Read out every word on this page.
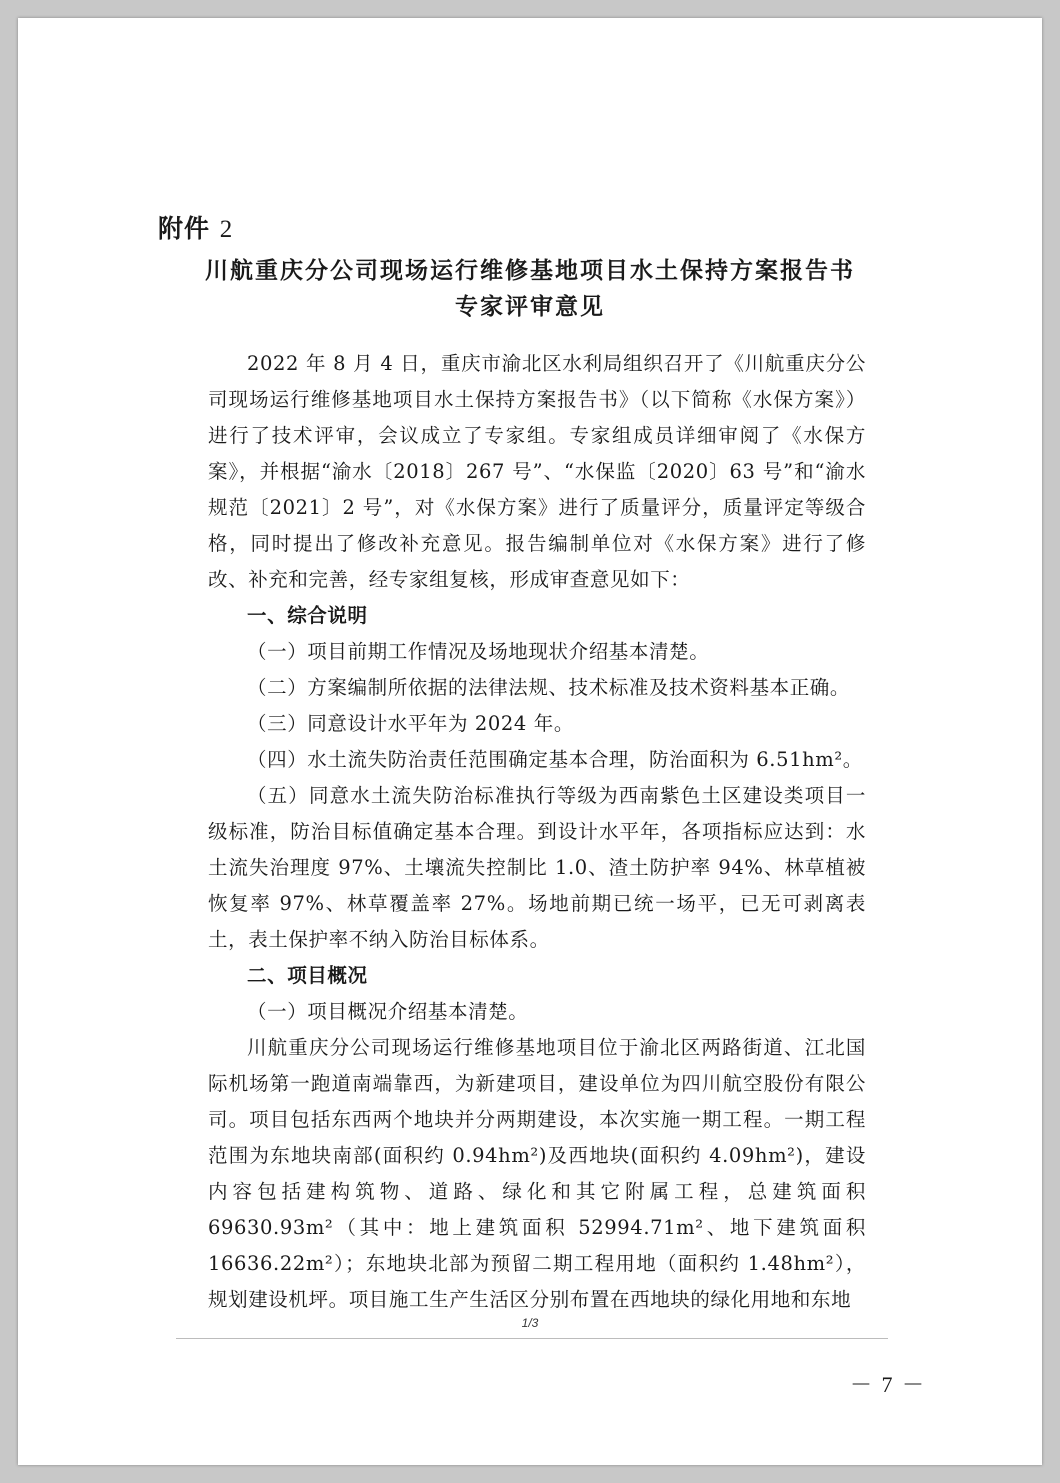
附件 2
川航重庆分公司现场运行维修基地项目水土保持方案报告书
专家评审意见

2022 年 8 月 4 日，重庆市渝北区水利局组织召开了《川航重庆分公司现场运行维修基地项目水土保持方案报告书》（以下简称《水保方案》）进行了技术评审，会议成立了专家组。专家组成员详细审阅了《水保方案》，并根据“渝水〔2018〕267 号”、“水保监〔2020〕63 号”和“渝水规范〔2021〕2 号”，对《水保方案》进行了质量评分，质量评定等级合格，同时提出了修改补充意见。报告编制单位对《水保方案》进行了修改、补充和完善，经专家组复核，形成审查意见如下：

一、综合说明

（一）项目前期工作情况及场地现状介绍基本清楚。

（二）方案编制所依据的法律法规、技术标准及技术资料基本正确。

（三）同意设计水平年为 2024 年。

（四）水土流失防治责任范围确定基本合理，防治面积为 6.51hm²。

（五）同意水土流失防治标准执行等级为西南紫色土区建设类项目一级标准，防治目标值确定基本合理。到设计水平年，各项指标应达到：水土流失治理度 97%、土壤流失控制比 1.0、渣土防护率 94%、林草植被恢复率 97%、林草覆盖率 27%。场地前期已统一场平，已无可剥离表土，表土保护率不纳入防治目标体系。

二、项目概况

（一）项目概况介绍基本清楚。

川航重庆分公司现场运行维修基地项目位于渝北区两路街道、江北国际机场第一跑道南端靠西，为新建项目，建设单位为四川航空股份有限公司。项目包括东西两个地块并分两期建设，本次实施一期工程。一期工程范围为东地块南部(面积约 0.94hm²)及西地块(面积约 4.09hm²)，建设内容包括建构筑物、道路、绿化和其它附属工程，总建筑面积 69630.93m²（其中：地上建筑面积 52994.71m²、地下建筑面积 16636.22m²）；东地块北部为预留二期工程用地（面积约 1.48hm²），规划建设机坪。项目施工生产生活区分别布置在西地块的绿化用地和东地

1/3
－ 7 －
